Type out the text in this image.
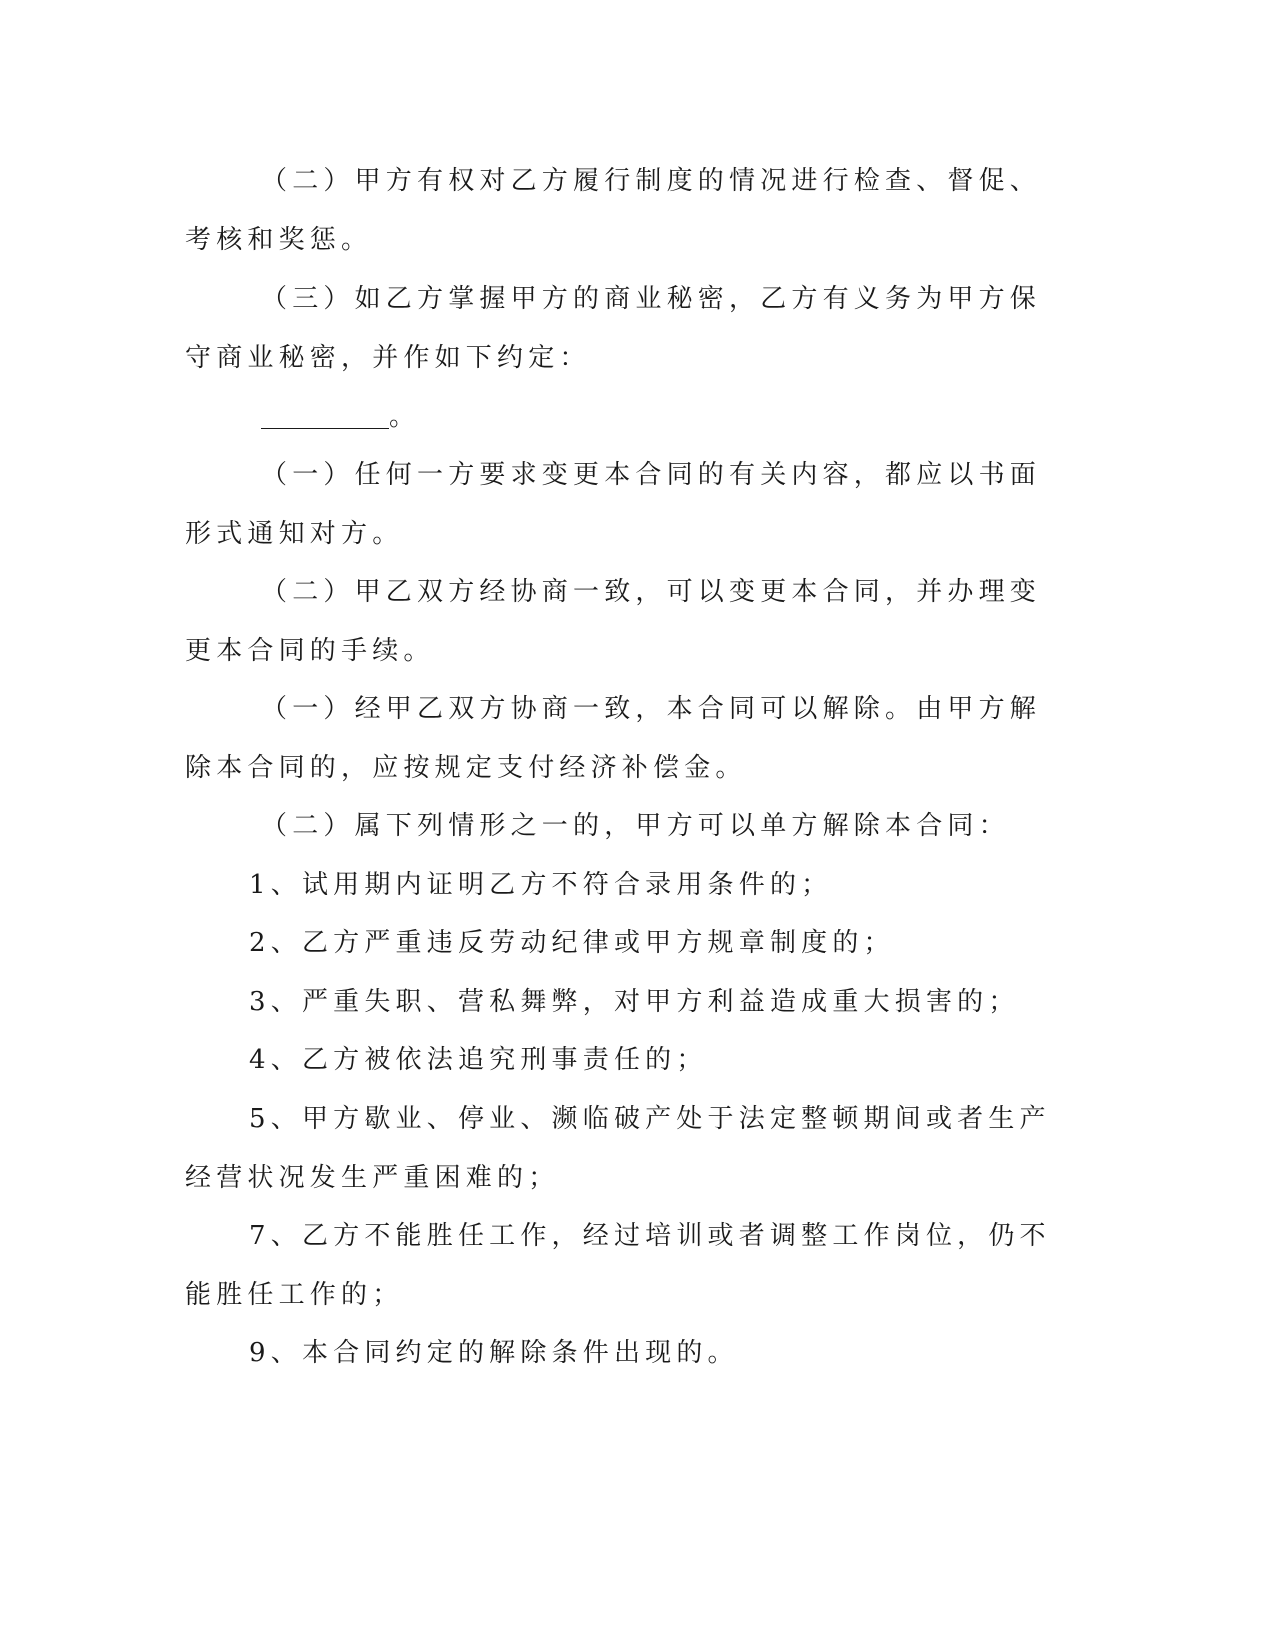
（二）甲方有权对乙方履行制度的情况进行检查、督促、考核和奖惩。

（三）如乙方掌握甲方的商业秘密，乙方有义务为甲方保守商业秘密，并作如下约定：

。

（一）任何一方要求变更本合同的有关内容，都应以书面形式通知对方。

（二）甲乙双方经协商一致，可以变更本合同，并办理变更本合同的手续。

（一）经甲乙双方协商一致，本合同可以解除。由甲方解除本合同的，应按规定支付经济补偿金。

（二）属下列情形之一的，甲方可以单方解除本合同：

1、试用期内证明乙方不符合录用条件的；

2、乙方严重违反劳动纪律或甲方规章制度的；

3、严重失职、营私舞弊，对甲方利益造成重大损害的；

4、乙方被依法追究刑事责任的；

5、甲方歇业、停业、濒临破产处于法定整顿期间或者生产经营状况发生严重困难的；

7、乙方不能胜任工作，经过培训或者调整工作岗位，仍不能胜任工作的；

9、本合同约定的解除条件出现的。
